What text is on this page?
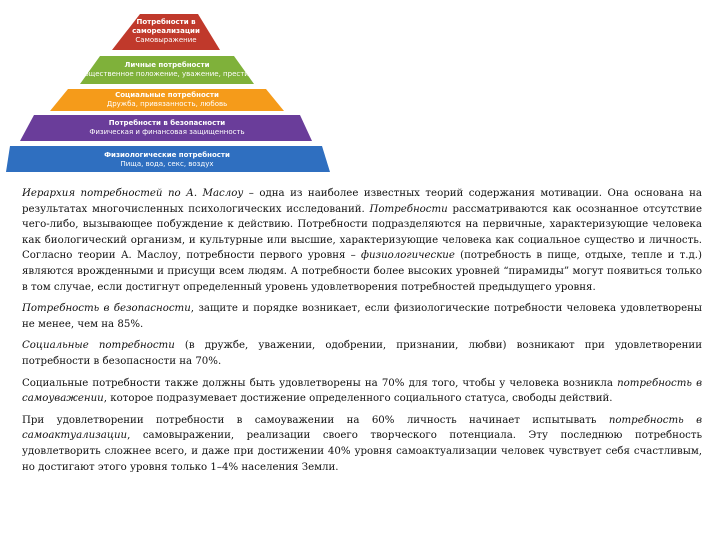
Потребности в
самореализации
Самовыражение
Личные потребности
Общественное положение, уважение, престиж
Социальные потребности
Дружба, привязанность, любовь
Потребности в безопасности
Физическая и финансовая защищенность
Физиологические потребности
Пища, вода, секс, воздух

Иерархия потребностей по А. Маслоу – одна из наиболее известных теорий содержания мотивации. Она основана на результатах многочисленных психологических исследований. Потребности рассматриваются как осознанное отсутствие чего-либо, вызывающее побуждение к действию. Потребности подразделяются на первичные, характеризующие человека как биологический организм, и культурные или высшие, характеризующие человека как социальное существо и личность. Согласно теории А. Маслоу, потребности первого уровня – физиологические (потребность в пище, отдыхе, тепле и т.д.) являются врожденными и присущи всем людям. А потребности более высоких уровней “пирамиды” могут появиться только в том случае, если достигнут определенный уровень удовлетворения потребностей предыдущего уровня.

Потребность в безопасности, защите и порядке возникает, если физиологические потребности человека удовлетворены не менее, чем на 85%.

Социальные потребности (в дружбе, уважении, одобрении, признании, любви) возникают при удовлетворении потребности в безопасности на 70%.

Социальные потребности также должны быть удовлетворены на 70% для того, чтобы у человека возникла потребность в самоуважении, которое подразумевает достижение определенного социального статуса, свободы действий.

При удовлетворении потребности в самоуважении на 60% личность начинает испытывать потребность в самоактуализации, самовыражении, реализации своего творческого потенциала. Эту последнюю потребность удовлетворить сложнее всего, и даже при достижении 40% уровня самоактуализации человек чувствует себя счастливым, но достигают этого уровня только 1–4% населения Земли.
